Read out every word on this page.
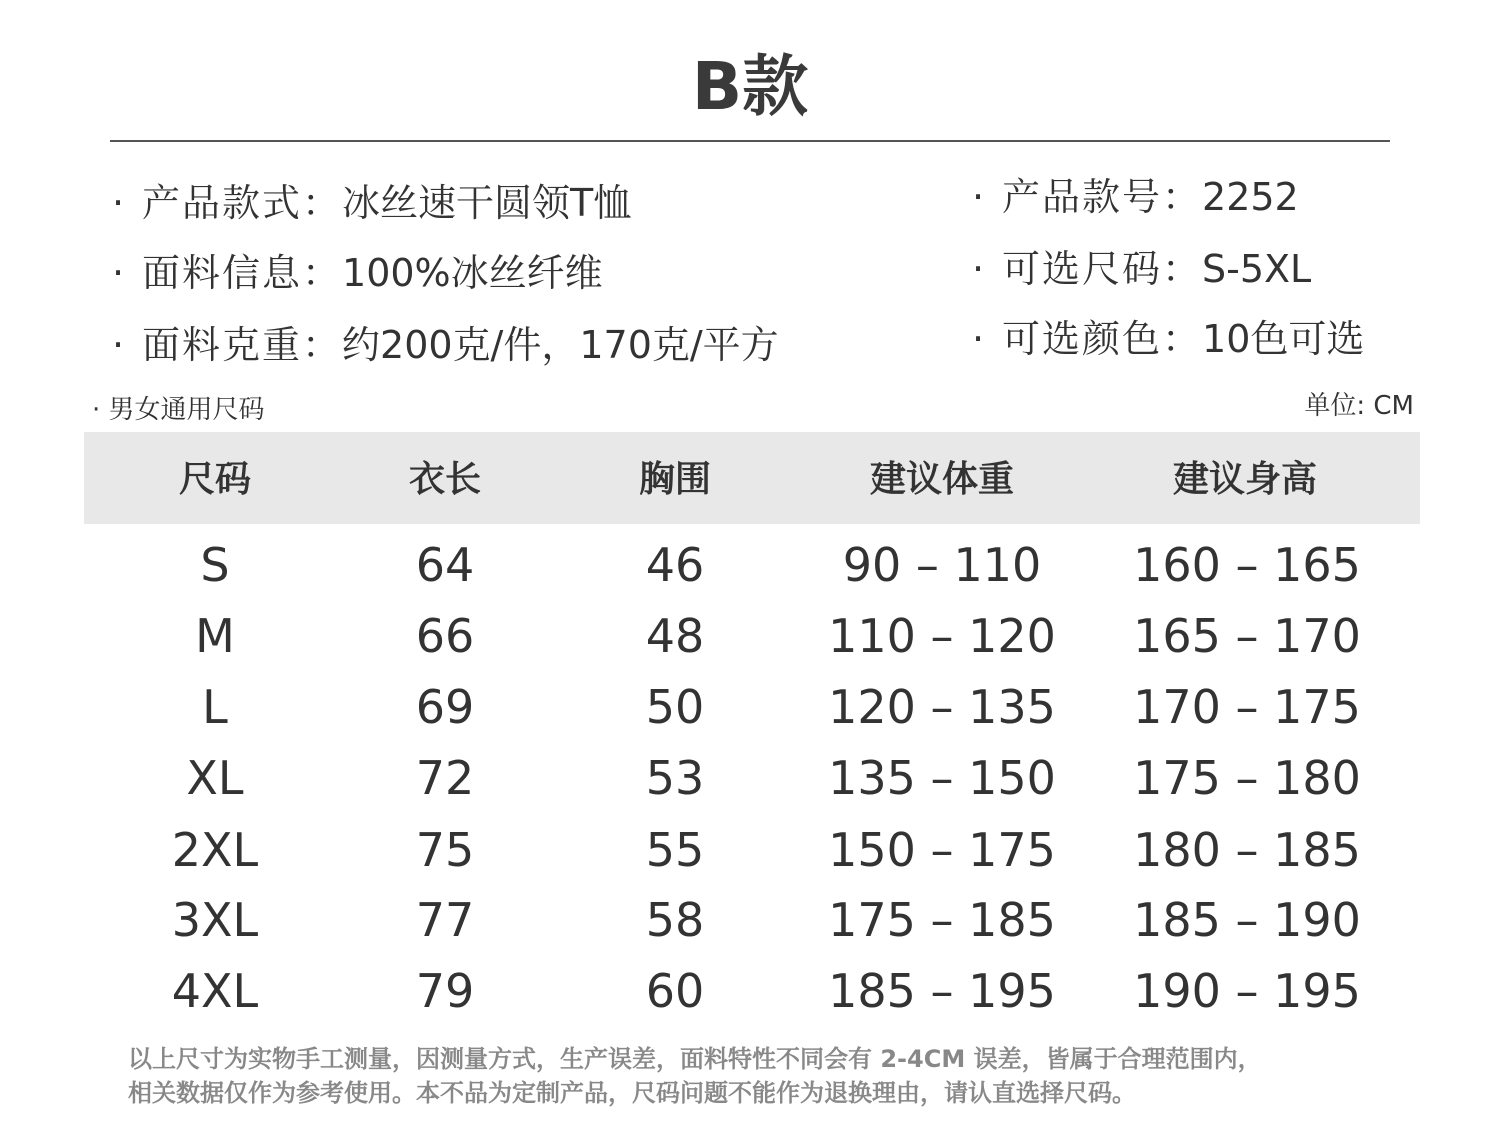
B款
· 产品款式：冰丝速干圆领T恤
· 面料信息：100%冰丝纤维
· 面料克重：约200克/件，170克/平方
· 产品款号：2252
· 可选尺码：S-5XL
· 可选颜色：10色可选
· 男女通用尺码	单位: CM
尺码	衣长	胸围	建议体重	建议身高
S	64	46	90 – 110	160 – 165
M	66	48	110 – 120	165 – 170
L	69	50	120 – 135	170 – 175
XL	72	53	135 – 150	175 – 180
2XL	75	55	150 – 175	180 – 185
3XL	77	58	175 – 185	185 – 190
4XL	79	60	185 – 195	190 – 195
以上尺寸为实物手工测量，因测量方式，生产误差，面料特性不同会有 2-4CM 误差，皆属于合理范围内，
相关数据仅作为参考使用。本不品为定制产品，尺码问题不能作为退换理由，请认直选择尺码。
